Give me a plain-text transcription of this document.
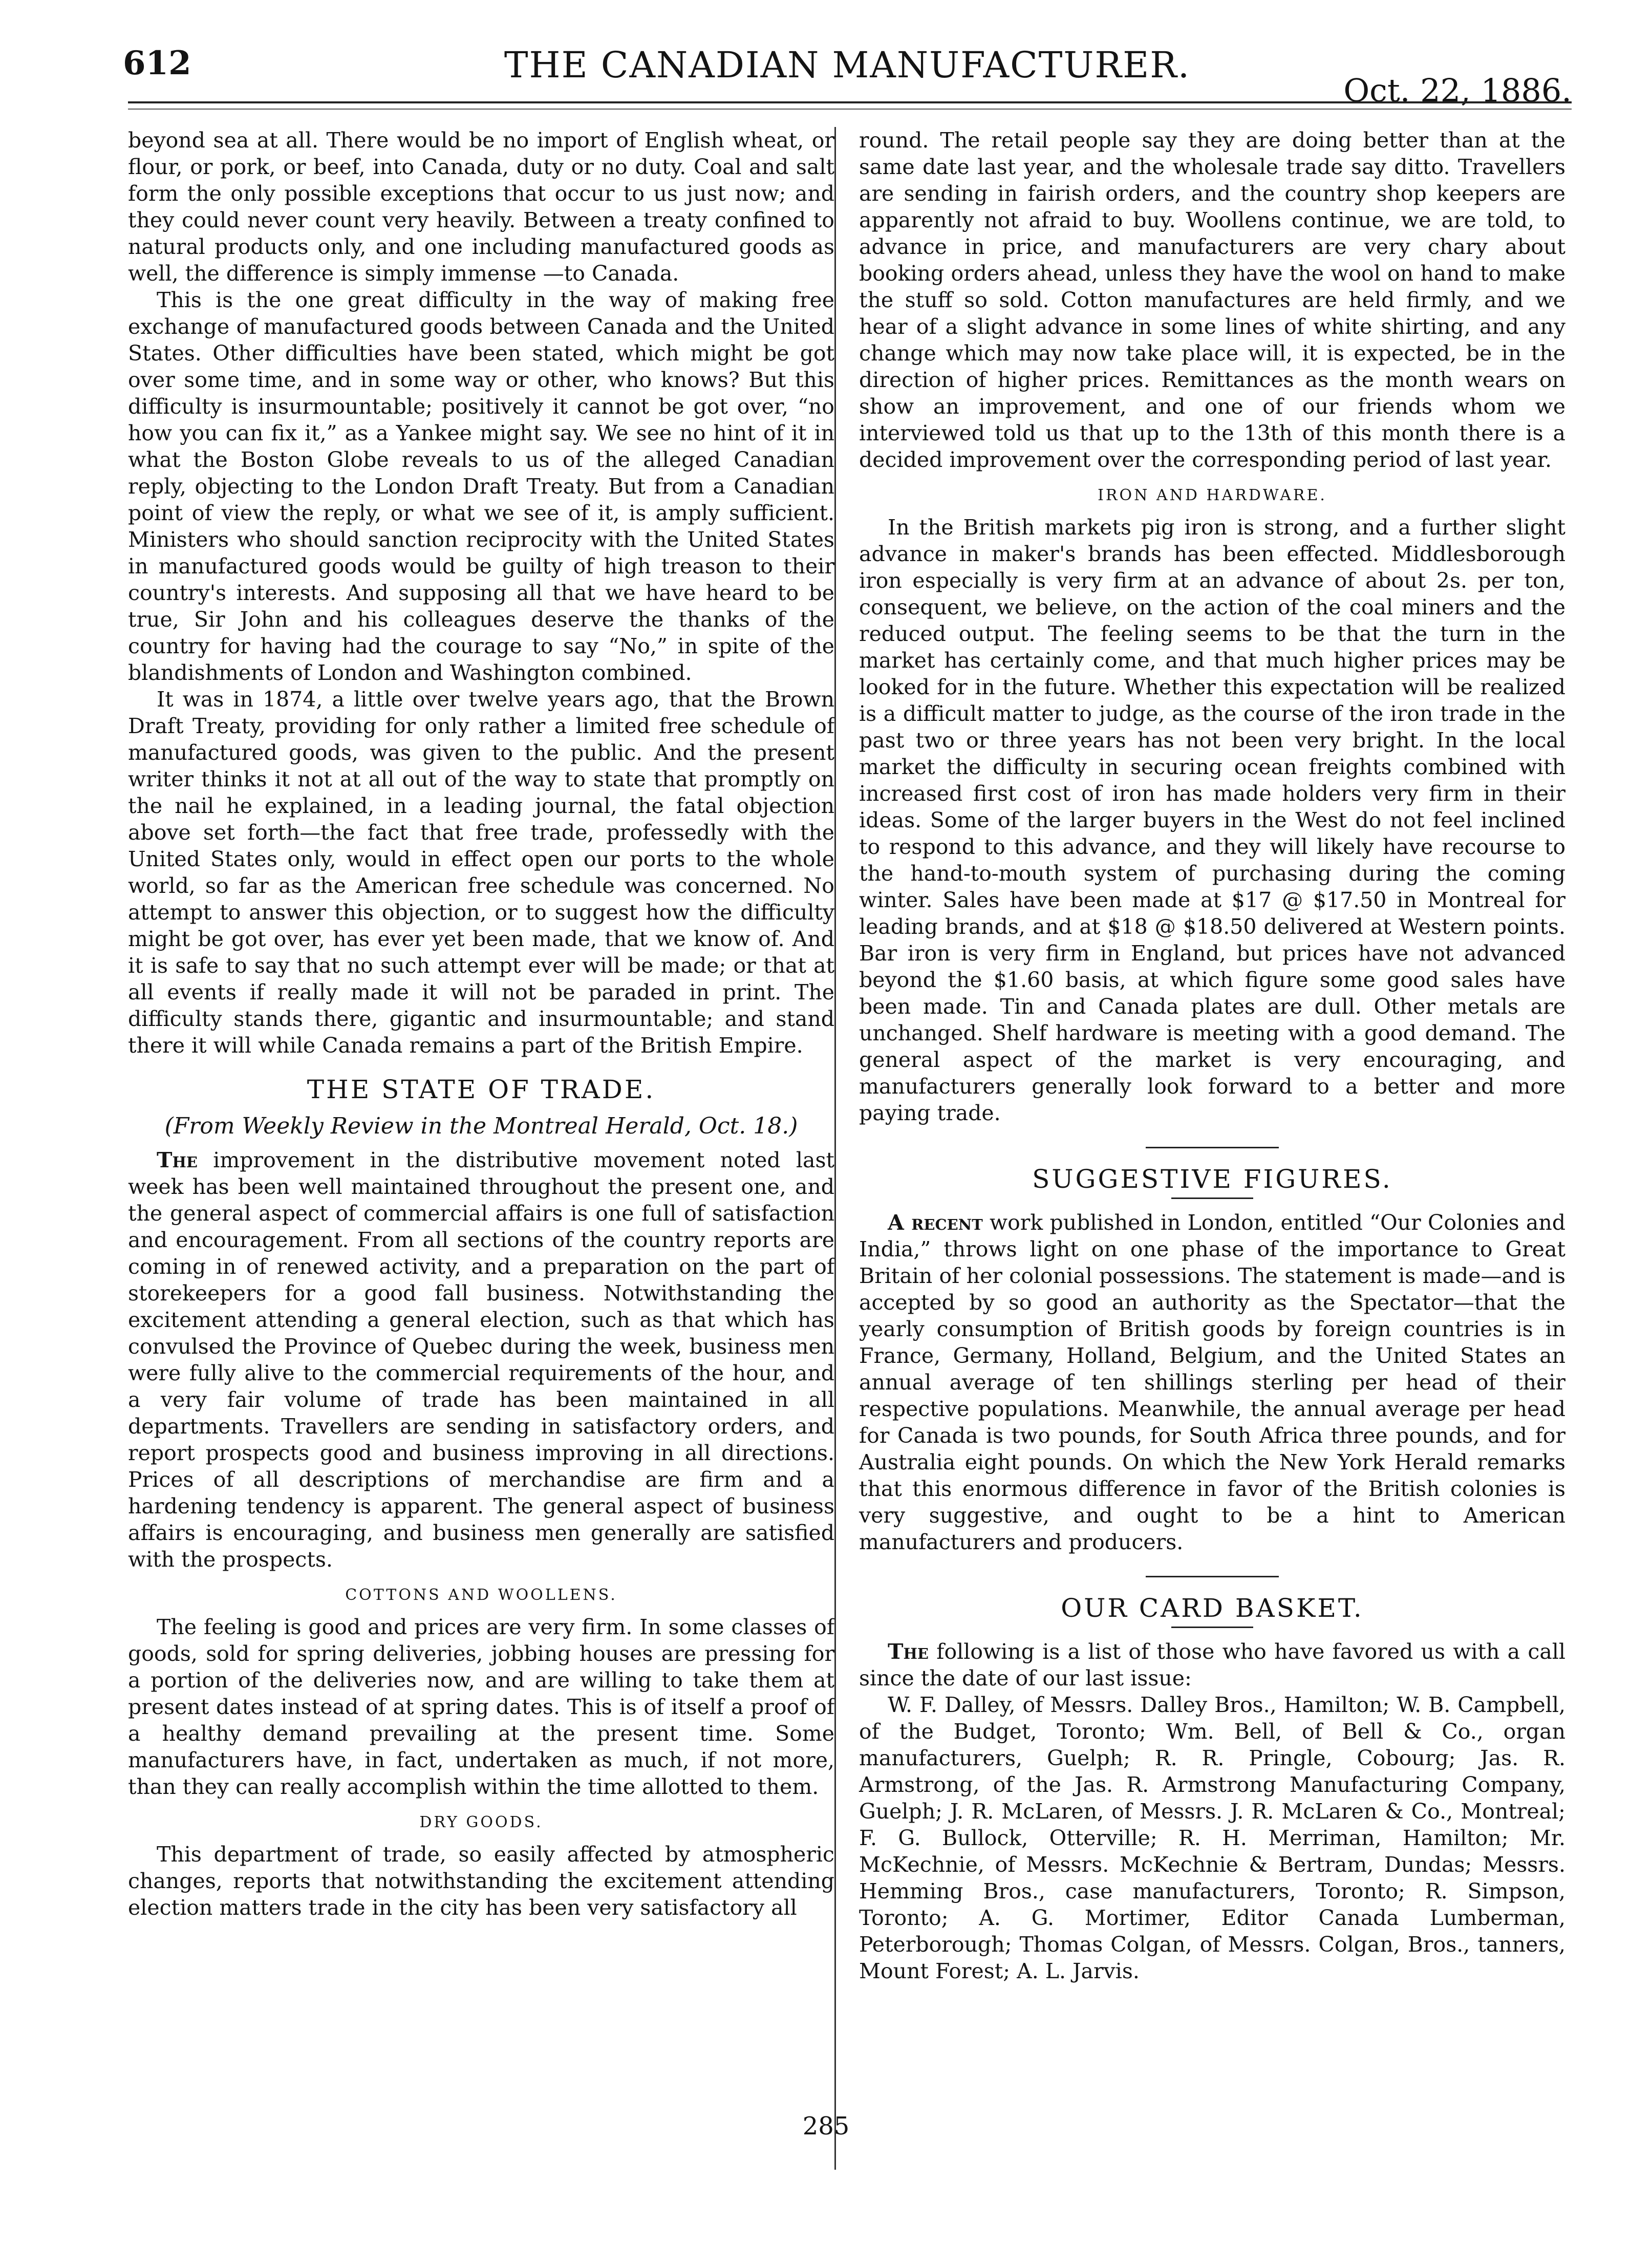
612	THE CANADIAN MANUFACTURER.
Oct. 22, 1886.

beyond sea at all. There would be no import of English wheat, or flour, or pork, or beef, into Canada, duty or no duty. Coal and salt form the only possible exceptions that occur to us just now; and they could never count very heavily. Between a treaty confined to natural products only, and one including manufactured goods as well, the difference is simply immense —to Canada.

This is the one great difficulty in the way of making free exchange of manufactured goods between Canada and the United States. Other difficulties have been stated, which might be got over some time, and in some way or other, who knows? But this difficulty is insurmountable; positively it cannot be got over, “no how you can fix it,” as a Yankee might say. We see no hint of it in what the Boston Globe reveals to us of the alleged Canadian reply, objecting to the London Draft Treaty. But from a Canadian point of view the reply, or what we see of it, is amply sufficient. Ministers who should sanction reciprocity with the United States in manufactured goods would be guilty of high treason to their country's interests. And supposing all that we have heard to be true, Sir John and his colleagues deserve the thanks of the country for having had the courage to say “No,” in spite of the blandishments of London and Washington combined.

It was in 1874, a little over twelve years ago, that the Brown Draft Treaty, providing for only rather a limited free schedule of manufactured goods, was given to the public. And the present writer thinks it not at all out of the way to state that promptly on the nail he explained, in a leading journal, the fatal objection above set forth—the fact that free trade, professedly with the United States only, would in effect open our ports to the whole world, so far as the American free schedule was concerned. No attempt to answer this objection, or to suggest how the difficulty might be got over, has ever yet been made, that we know of. And it is safe to say that no such attempt ever will be made; or that at all events if really made it will not be paraded in print. The difficulty stands there, gigantic and insurmountable; and stand there it will while Canada remains a part of the British Empire.

THE STATE OF TRADE.
(From Weekly Review in the Montreal Herald, Oct. 18.)

The improvement in the distributive movement noted last week has been well maintained throughout the present one, and the general aspect of commercial affairs is one full of satisfaction and encouragement. From all sections of the country reports are coming in of renewed activity, and a preparation on the part of storekeepers for a good fall business. Notwithstanding the excitement attending a general election, such as that which has convulsed the Province of Quebec during the week, business men were fully alive to the commercial requirements of the hour, and a very fair volume of trade has been maintained in all departments. Travellers are sending in satisfactory orders, and report prospects good and business improving in all directions. Prices of all descriptions of merchandise are firm and a hardening tendency is apparent. The general aspect of business affairs is encouraging, and business men generally are satisfied with the prospects.

COTTONS AND WOOLLENS.

The feeling is good and prices are very firm. In some classes of goods, sold for spring deliveries, jobbing houses are pressing for a portion of the deliveries now, and are willing to take them at present dates instead of at spring dates. This is of itself a proof of a healthy demand prevailing at the present time. Some manufacturers have, in fact, undertaken as much, if not more, than they can really accomplish within the time allotted to them.

DRY GOODS.

This department of trade, so easily affected by atmospheric changes, reports that notwithstanding the excitement attending election matters trade in the city has been very satisfactory all

round. The retail people say they are doing better than at the same date last year, and the wholesale trade say ditto. Travellers are sending in fairish orders, and the country shop keepers are apparently not afraid to buy. Woollens continue, we are told, to advance in price, and manufacturers are very chary about booking orders ahead, unless they have the wool on hand to make the stuff so sold. Cotton manufactures are held firmly, and we hear of a slight advance in some lines of white shirting, and any change which may now take place will, it is expected, be in the direction of higher prices. Remittances as the month wears on show an improvement, and one of our friends whom we interviewed told us that up to the 13th of this month there is a decided improvement over the corresponding period of last year.

IRON AND HARDWARE.

In the British markets pig iron is strong, and a further slight advance in maker's brands has been effected. Middlesborough iron especially is very firm at an advance of about 2s. per ton, consequent, we believe, on the action of the coal miners and the reduced output. The feeling seems to be that the turn in the market has certainly come, and that much higher prices may be looked for in the future. Whether this expectation will be realized is a difficult matter to judge, as the course of the iron trade in the past two or three years has not been very bright. In the local market the difficulty in securing ocean freights combined with increased first cost of iron has made holders very firm in their ideas. Some of the larger buyers in the West do not feel inclined to respond to this advance, and they will likely have recourse to the hand-to-mouth system of purchasing during the coming winter. Sales have been made at $17 @ $17.50 in Montreal for leading brands, and at $18 @ $18.50 delivered at Western points. Bar iron is very firm in England, but prices have not advanced beyond the $1.60 basis, at which figure some good sales have been made. Tin and Canada plates are dull. Other metals are unchanged. Shelf hardware is meeting with a good demand. The general aspect of the market is very encouraging, and manufacturers generally look forward to a better and more paying trade.

SUGGESTIVE FIGURES.

A recent work published in London, entitled “Our Colonies and India,” throws light on one phase of the importance to Great Britain of her colonial possessions. The statement is made—and is accepted by so good an authority as the Spectator—that the yearly consumption of British goods by foreign countries is in France, Germany, Holland, Belgium, and the United States an annual average of ten shillings sterling per head of their respective populations. Meanwhile, the annual average per head for Canada is two pounds, for South Africa three pounds, and for Australia eight pounds. On which the New York Herald remarks that this enormous difference in favor of the British colonies is very suggestive, and ought to be a hint to American manufacturers and producers.

OUR CARD BASKET.

The following is a list of those who have favored us with a call since the date of our last issue:

W. F. Dalley, of Messrs. Dalley Bros., Hamilton; W. B. Campbell, of the Budget, Toronto; Wm. Bell, of Bell & Co., organ manufacturers, Guelph; R. R. Pringle, Cobourg; Jas. R. Armstrong, of the Jas. R. Armstrong Manufacturing Company, Guelph; J. R. McLaren, of Messrs. J. R. McLaren & Co., Montreal; F. G. Bullock, Otterville; R. H. Merriman, Hamilton; Mr. McKechnie, of Messrs. McKechnie & Bertram, Dundas; Messrs. Hemming Bros., case manufacturers, Toronto; R. Simpson, Toronto; A. G. Mortimer, Editor Canada Lumberman, Peterborough; Thomas Colgan, of Messrs. Colgan, Bros., tanners, Mount Forest; A. L. Jarvis.

285
